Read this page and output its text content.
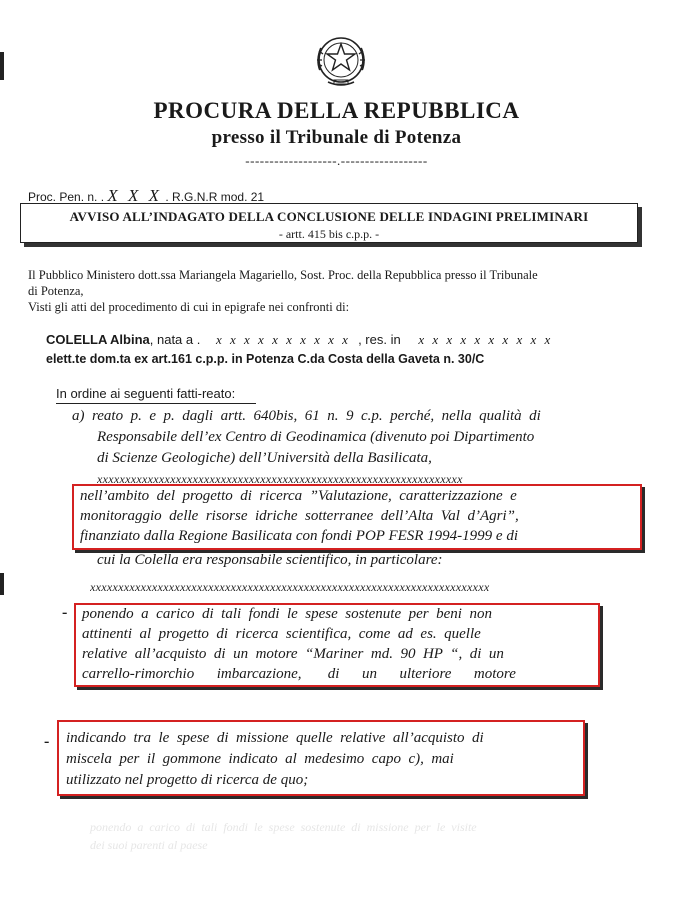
PROCURA DELLA REPUBBLICA
presso il Tribunale di Potenza
-------------------.------------------
Proc. Pen. n. . X X X . R.G.N.R mod. 21
AVVISO ALL’INDAGATO DELLA CONCLUSIONE DELLE INDAGINI PRELIMINARI
- artt. 415 bis c.p.p. -
Il Pubblico Ministero dott.ssa Mariangela Magariello, Sost. Proc. della Repubblica presso il Tribunale
di Potenza,
Visti gli atti del procedimento di cui in epigrafe nei confronti di:
COLELLA Albina, nata a . x x x x x x x x x x , res. in x x x x x x x x x x
elett.te dom.ta ex art.161 c.p.p. in Potenza C.da Costa della Gaveta n. 30/C
In ordine ai seguenti fatti-reato:
a)  reato  p.  e  p.  dagli  artt.  640bis,  61  n.  9  c.p.  perché,  nella  qualità  di
Responsabile dell’ex Centro di Geodinamica (divenuto poi Dipartimento
di Scienze Geologiche) dell’Università della Basilicata,
xxxxxxxxxxxxxxxxxxxxxxxxxxxxxxxxxxxxxxxxxxxxxxxxxxxxxxxxxxxxxxxxx
nell’ambito  del  progetto  di  ricerca  ”Valutazione,  caratterizzazione  e
monitoraggio  delle  risorse  idriche  sotterranee  dell’Alta  Val  d’Agri”,
finanziato dalla Regione Basilicata con fondi POP FESR 1994-1999 e di
cui la Colella era responsabile scientifico, in particolare:
xxxxxxxxxxxxxxxxxxxxxxxxxxxxxxxxxxxxxxxxxxxxxxxxxxxxxxxxxxxxxxxxxxxxxxx
- ponendo  a  carico  di  tali  fondi  le  spese  sostenute  per  beni  non
attinenti  al  progetto  di  ricerca  scientifica,  come  ad  es.  quelle
relative  all’acquisto  di  un  motore  “Mariner  md.  90  HP  “,  di  un
carrello-rimorchio      imbarcazione,       di      un      ulteriore      motore
- indicando  tra  le  spese  di  missione  quelle  relative  all’acquisto  di
miscela  per  il  gommone  indicato  al  medesimo  capo  c),  mai
utilizzato nel progetto di ricerca de quo;
ponendo  a  carico  di  tali  fondi  le  spese  sostenute  di  missione  per  le  visite
dei suoi parenti al paese
